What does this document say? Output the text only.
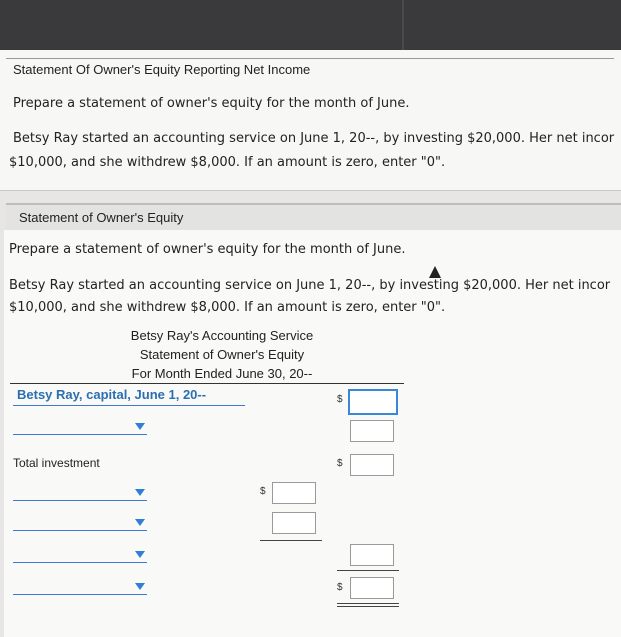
Statement Of Owner's Equity Reporting Net Income
Prepare a statement of owner's equity for the month of June.
Betsy Ray started an accounting service on June 1, 20--, by investing $20,000. Her net incor
$10,000, and she withdrew $8,000. If an amount is zero, enter "0".
Statement of Owner's Equity
Prepare a statement of owner's equity for the month of June.
Betsy Ray started an accounting service on June 1, 20--, by investing $20,000. Her net incor
$10,000, and she withdrew $8,000. If an amount is zero, enter "0".
Betsy Ray's Accounting Service
Statement of Owner's Equity
For Month Ended June 30, 20--
Betsy Ray, capital, June 1, 20--	$
Total investment	$
$
$
